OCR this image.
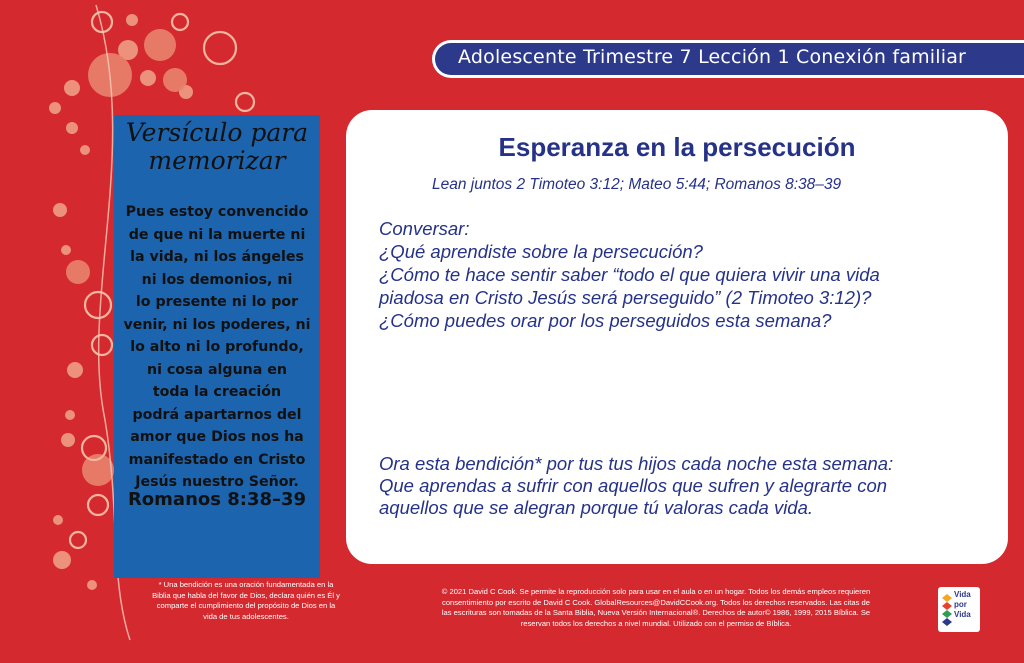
Adolescente Trimestre 7 Lección 1 Conexión familiar
Versículo para
memorizar
Pues estoy convencido
de que ni la muerte ni
la vida, ni los ángeles
ni los demonios, ni
lo presente ni lo por
venir, ni los poderes, ni
lo alto ni lo profundo,
ni cosa alguna en
toda la creación
podrá apartarnos del
amor que Dios nos ha
manifestado en Cristo
Jesús nuestro Señor.
Romanos 8:38–39
Esperanza en la persecución
Lean juntos 2 Timoteo 3:12; Mateo 5:44; Romanos 8:38–39
Conversar:
¿Qué aprendiste sobre la persecución?
¿Cómo te hace sentir saber “todo el que quiera vivir una vida
piadosa en Cristo Jesús será perseguido” (2 Timoteo 3:12)?
¿Cómo puedes orar por los perseguidos esta semana?
Ora esta bendición* por tus tus hijos cada noche esta semana:
Que aprendas a sufrir con aquellos que sufren y alegrarte con
aquellos que se alegran porque tú valoras cada vida.
* Una bendición es una oración fundamentada en la
Biblia que habla del favor de Dios, declara quién es Él y
comparte el cumplimiento del propósito de Dios en la
vida de tus adolescentes.
© 2021 David C Cook. Se permite la reproducción solo para usar en el aula o en un hogar. Todos los demás empleos requieren
consentimiento por escrito de David C Cook. GlobalResources@DavidCCook.org. Todos los derechos reservados. Las citas de
las escrituras son tomadas de la Santa Biblia, Nueva Versión Internacional®. Derechos de autor© 1986, 1999, 2015 Bíblica. Se
reservan todos los derechos a nivel mundial. Utilizado con el permiso de Bíblica.
Vida
por
Vida
